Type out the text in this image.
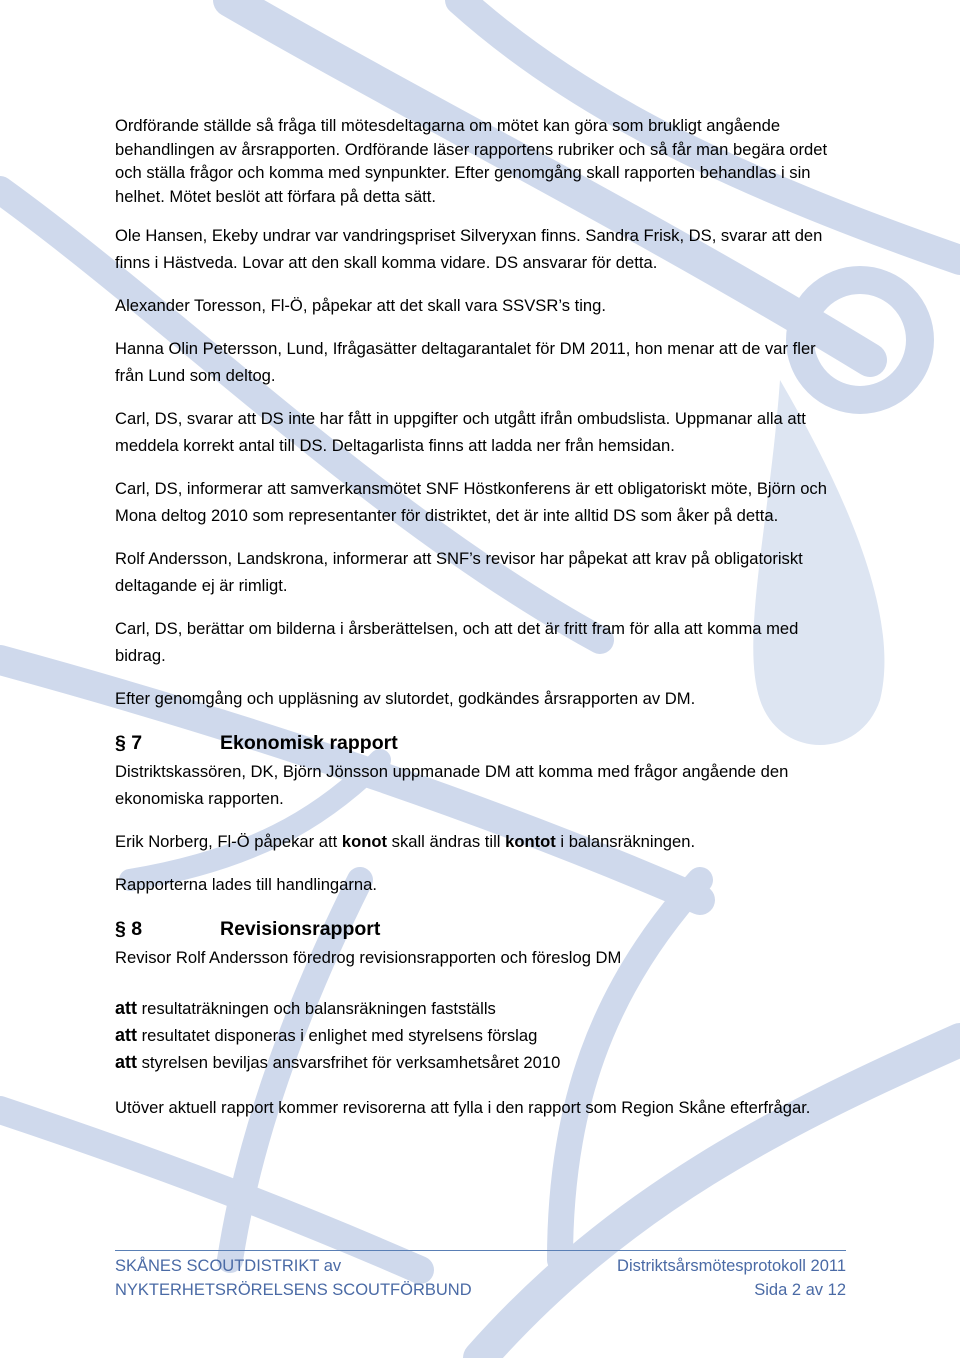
Ordförande ställde så fråga till mötesdeltagarna om mötet kan göra som brukligt angående behandlingen av årsrapporten. Ordförande läser rapportens rubriker och så får man begära ordet och ställa frågor och komma med synpunkter. Efter genomgång skall rapporten behandlas i sin helhet. Mötet beslöt att förfara på detta sätt.

Ole Hansen, Ekeby undrar var vandringspriset Silveryxan finns. Sandra Frisk, DS, svarar att den finns i Hästveda. Lovar att den skall komma vidare. DS ansvarar för detta.

Alexander Toresson, Fl-Ö, påpekar att det skall vara SSVSR’s ting.

Hanna Olin Petersson, Lund, Ifrågasätter deltagarantalet för DM 2011, hon menar att de var fler från Lund som deltog.

Carl, DS, svarar att DS inte har fått in uppgifter och utgått ifrån ombudslista. Uppmanar alla att meddela korrekt antal till DS. Deltagarlista finns att ladda ner från hemsidan.

Carl, DS, informerar att samverkansmötet SNF Höstkonferens är ett obligatoriskt möte, Björn och Mona deltog 2010 som representanter för distriktet, det är inte alltid DS som åker på detta.

Rolf Andersson, Landskrona, informerar att SNF’s revisor har påpekat att krav på obligatoriskt deltagande ej är rimligt.

Carl, DS, berättar om bilderna i årsberättelsen, och att det är fritt fram för alla att komma med bidrag.

Efter genomgång och uppläsning av slutordet, godkändes årsrapporten av DM.

§ 7	Ekonomisk rapport

Distriktskassören, DK, Björn Jönsson uppmanade DM att komma med frågor angående den ekonomiska rapporten.

Erik Norberg, Fl-Ö påpekar att konot skall ändras till kontot i balansräkningen.

Rapporterna lades till handlingarna.

§ 8	Revisionsrapport

Revisor Rolf Andersson föredrog revisionsrapporten och föreslog DM

att resultaträkningen och balansräkningen fastställs
att resultatet disponeras i enlighet med styrelsens förslag
att styrelsen beviljas ansvarsfrihet för verksamhetsåret 2010

Utöver aktuell rapport kommer revisorerna att fylla i den rapport som Region Skåne efterfrågar.

SKÅNES SCOUTDISTRIKT av	Distriktsårsmötesprotokoll 2011
NYKTERHETSRÖRELSENS SCOUTFÖRBUND	Sida 2 av 12
